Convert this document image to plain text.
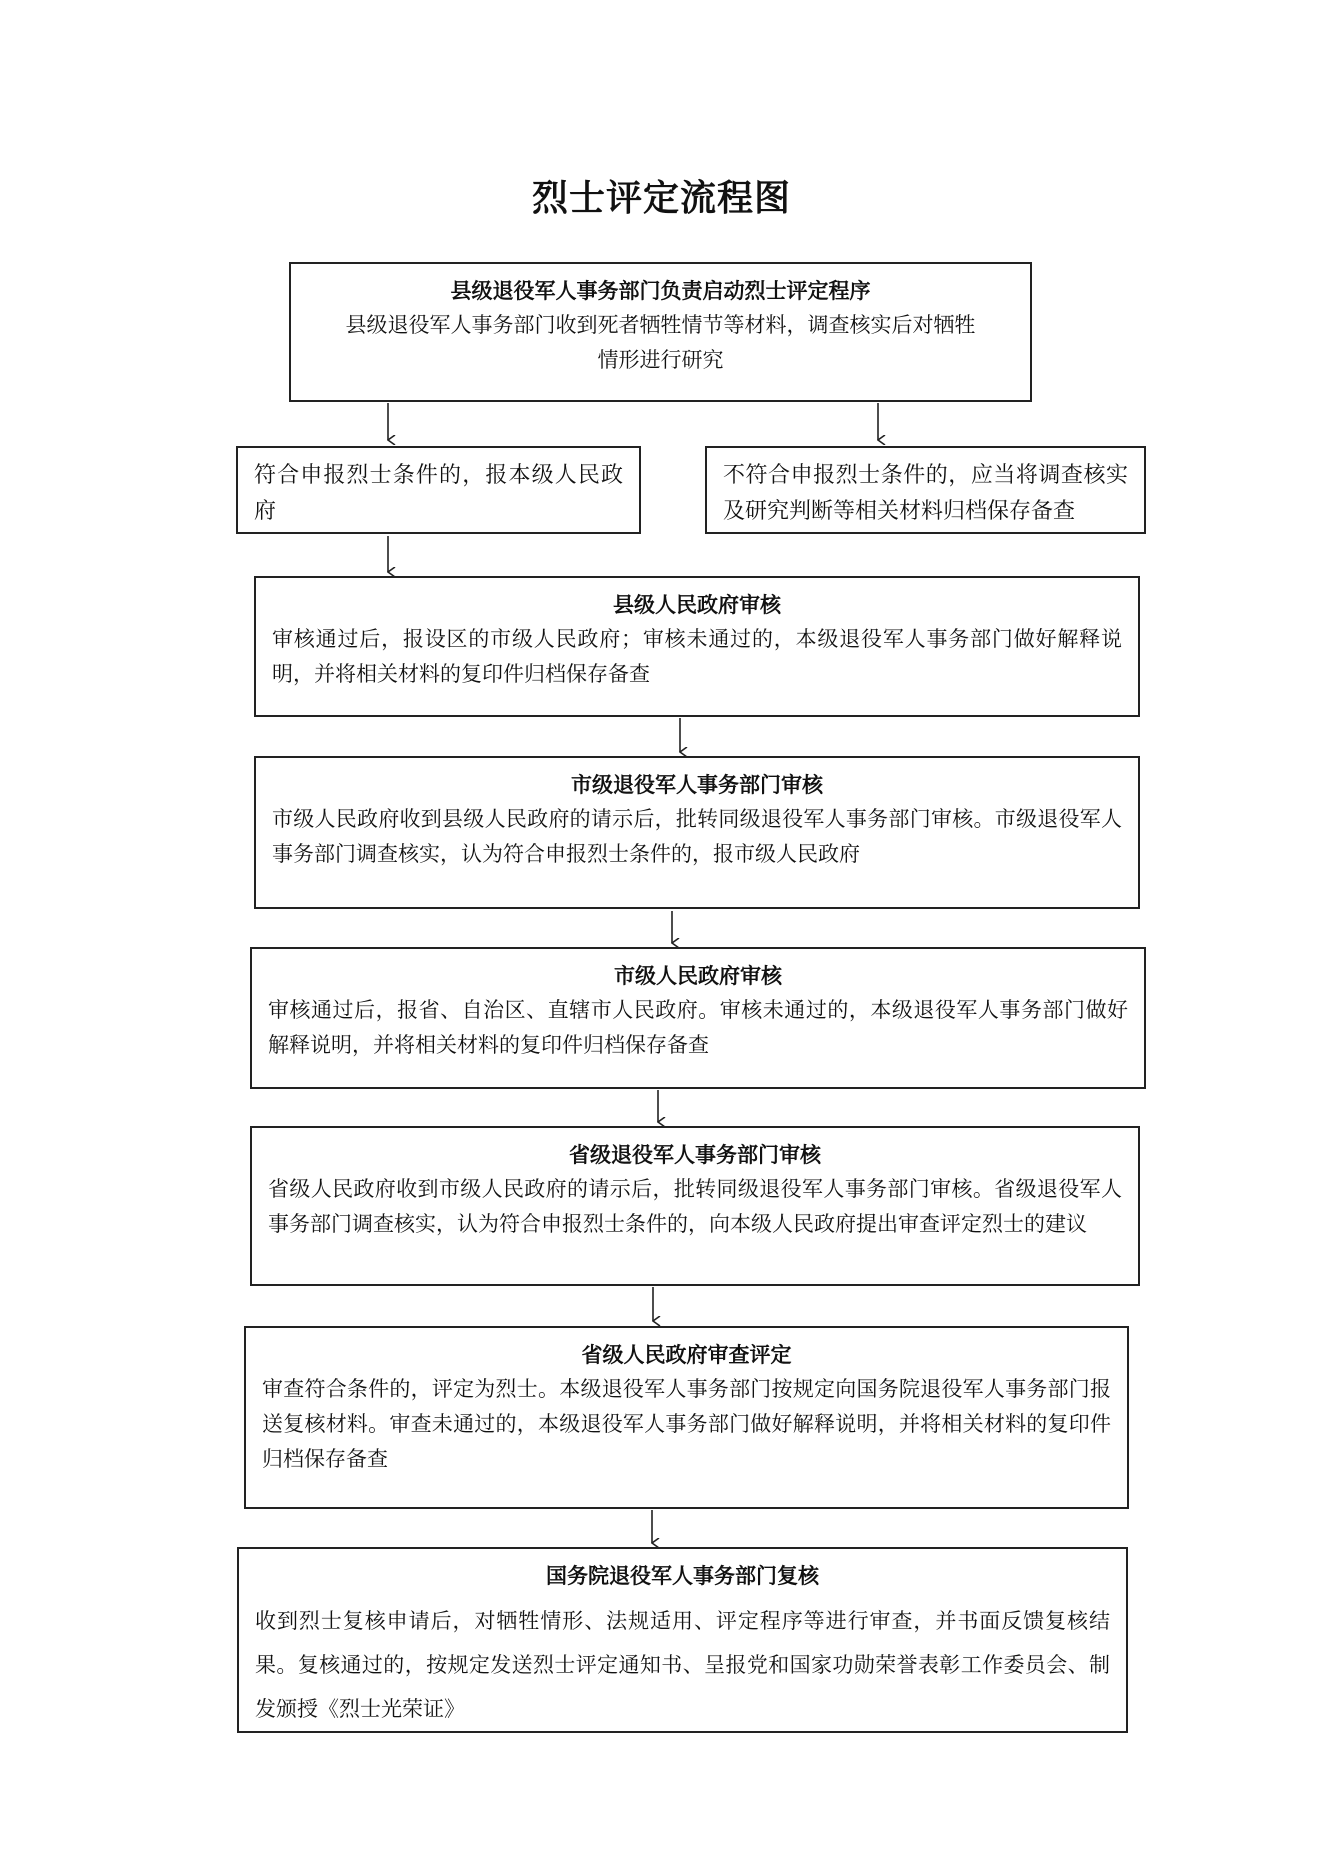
烈士评定流程图
县级退役军人事务部门负责启动烈士评定程序
县级退役军人事务部门收到死者牺牲情节等材料，调查核实后对牺牲情形进行研究
符合申报烈士条件的，报本级人民政府
不符合申报烈士条件的，应当将调查核实及研究判断等相关材料归档保存备查
县级人民政府审核
审核通过后，报设区的市级人民政府；审核未通过的，本级退役军人事务部门做好解释说明，并将相关材料的复印件归档保存备查
市级退役军人事务部门审核
市级人民政府收到县级人民政府的请示后，批转同级退役军人事务部门审核。市级退役军人事务部门调查核实，认为符合申报烈士条件的，报市级人民政府
市级人民政府审核
审核通过后，报省、自治区、直辖市人民政府。审核未通过的，本级退役军人事务部门做好解释说明，并将相关材料的复印件归档保存备查
省级退役军人事务部门审核
省级人民政府收到市级人民政府的请示后，批转同级退役军人事务部门审核。省级退役军人事务部门调查核实，认为符合申报烈士条件的，向本级人民政府提出审查评定烈士的建议
省级人民政府审查评定
审查符合条件的，评定为烈士。本级退役军人事务部门按规定向国务院退役军人事务部门报送复核材料。审查未通过的，本级退役军人事务部门做好解释说明，并将相关材料的复印件归档保存备查
国务院退役军人事务部门复核
收到烈士复核申请后，对牺牲情形、法规适用、评定程序等进行审查，并书面反馈复核结果。复核通过的，按规定发送烈士评定通知书、呈报党和国家功勋荣誉表彰工作委员会、制发颁授《烈士光荣证》
